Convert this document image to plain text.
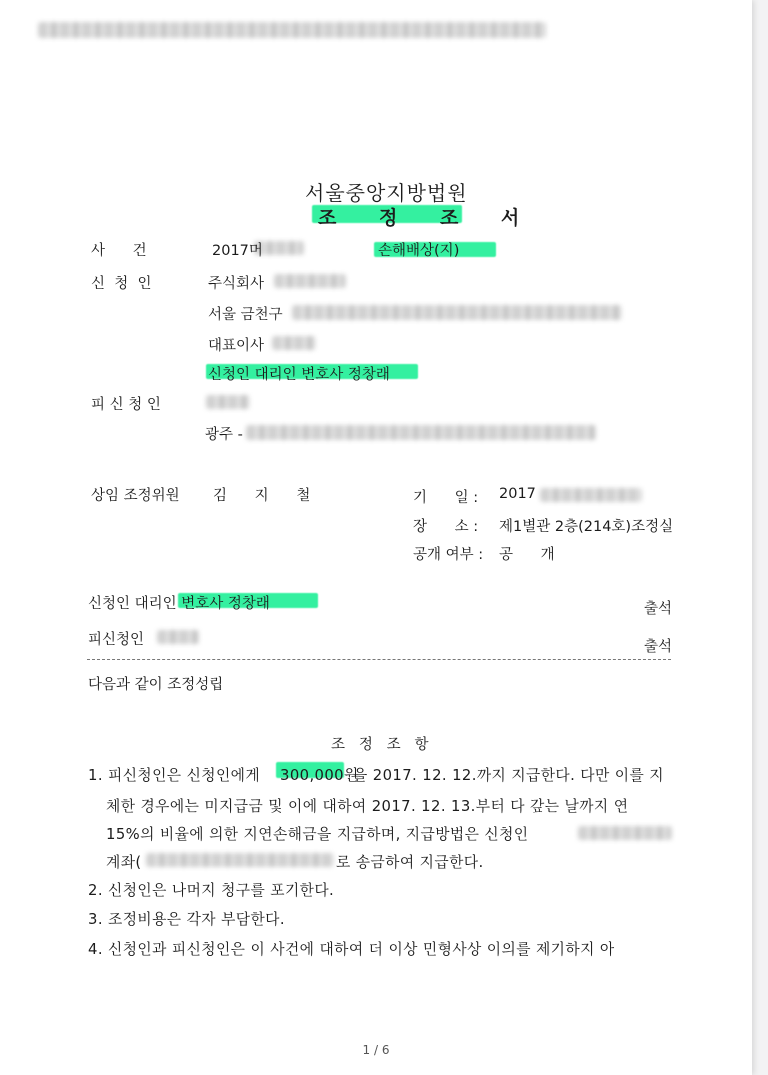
서울중앙지방법원
조 정 조 서
사      건	2017머	손해배상(지)
신  청  인	주식회사
서울 금천구
대표이사
신청인 대리인 변호사 정창래
피 신 청 인
광주 -
상임 조정위원 김      지      철	기      일 : 2017
장      소 : 제1별관 2층(214호)조정실
공개 여부 : 공      개
신청인 대리인 변호사 정창래	출석
피신청인	출석
다음과 같이 조정성립
조   정   조   항
1. 피신청인은 신청인에게 300,000원
을 2017. 12. 12.까지 지급한다. 다만 이를 지
체한 경우에는 미지급금 및 이에 대하여 2017. 12. 13.부터 다 갚는 날까지 연
15%의 비율에 의한 지연손해금을 지급하며, 지급방법은 신청인
계좌(	로 송금하여 지급한다.
2. 신청인은 나머지 청구를 포기한다.
3. 조정비용은 각자 부담한다.
4. 신청인과 피신청인은 이 사건에 대하여 더 이상 민형사상 이의를 제기하지 아
1 / 6
